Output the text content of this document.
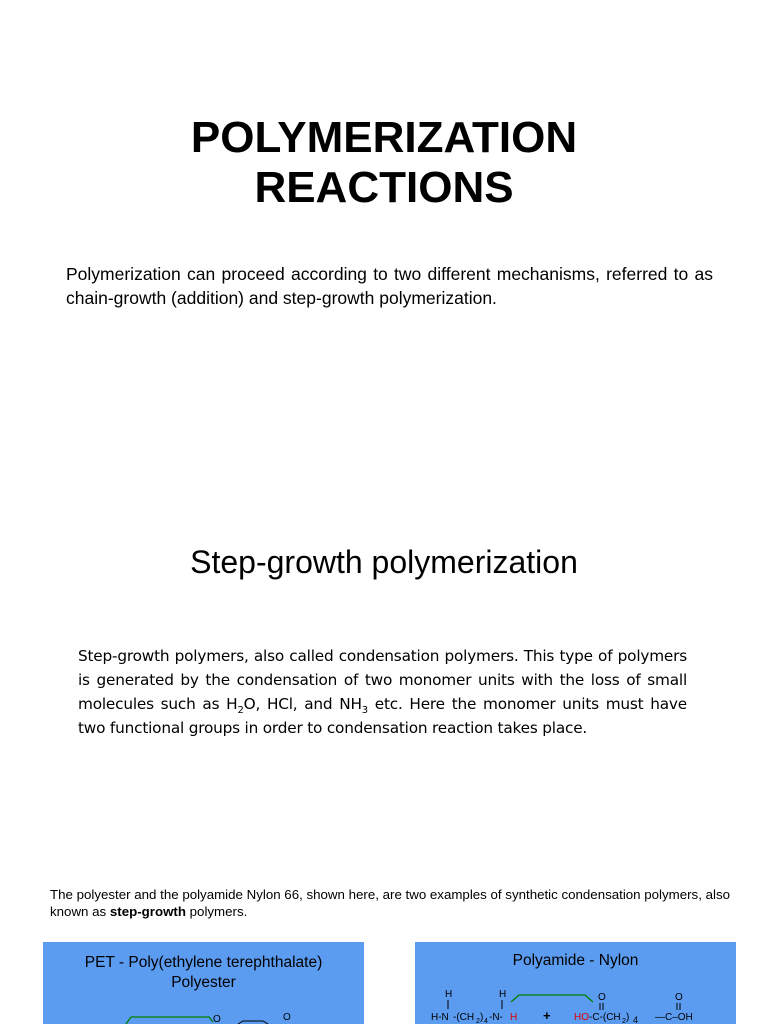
POLYMERIZATION
REACTIONS

Polymerization can proceed according to two different mechanisms, referred to as chain-growth (addition) and step-growth polymerization.

Step-growth polymerization

Step-growth polymers, also called condensation polymers. This type of polymers is generated by the condensation of two monomer units with the loss of small molecules such as $H_2O$, HCl, and $NH_3$ etc. Here the monomer units must have two functional groups in order to condensation reaction takes place.

The polyester and the polyamide Nylon 66, shown here, are two examples of synthetic condensation polymers, also known as step-growth polymers.

PET - Poly(ethylene terephthalate)
Polyester

O	O

Polyamide - Nylon

H	H
H-N -(CH 2 ) 4 -N- H +
O
HO -C-(CH 2 ) 4
O
—C–OH
